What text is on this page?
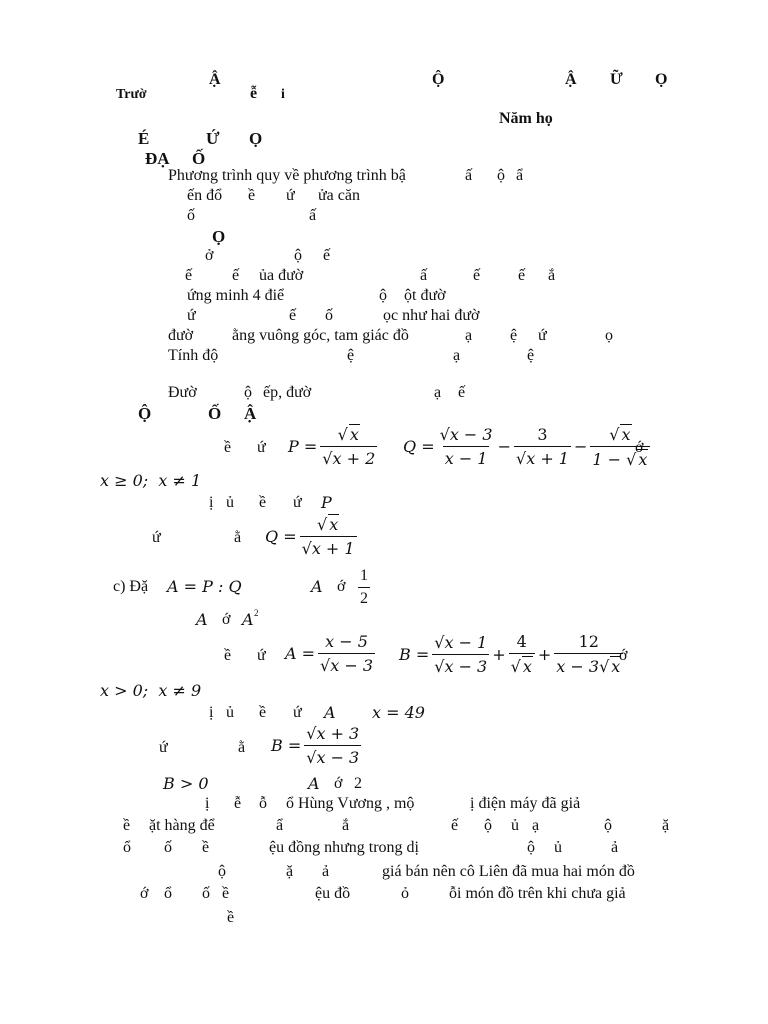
Ậ	Ộ	Ậ Ữ Ọ
Trườ	ễ i
Năm họ
É	Ứ Ọ
ĐẠ Ố
Phương trình quy về phương trình bậ	ấ ộ ẩ
ến đổ ề ứ ửa căn
ố	ấ
Ọ
ở	ộ ế
ế ế ủa đườ	ấ	ế ế ắ
ứng minh 4 điể	ộ ột đườ
ứ	ế ố	ọc như hai đườ
đườ ằng vuông góc, tam giác đồ	ạ ệ ứ	ọ
Tính độ	ệ	ạ	ệ
Đườ	ộ ếp, đườ	ạ ế
Ộ	Ố Ậ
ề ứ $P = \frac{√ x}{√x + 2}$ $Q = \frac{√x - 3}{x - 1} - \frac{3}{√x + 1} - \frac{√ x}{1 - √ x}$
ớ
x ≥ 0;  x ≠ 1
ị ủ ề ứ P
ứ	ằ $Q = \frac{√ x}{√x + 1}$
c) Đặ A = P : Q	A ớ $\frac{1}{2}$
A ớ A 2
ề ứ $A = \frac{x - 5}{√x - 3}$ $B = \frac{√x - 1}{√x - 3} + \frac{4}{√ x} + \frac{12}{x - 3√ x}$
ớ
x > 0;  x ≠ 9
ị ủ ề ứ A x = 49
ứ	ằ $B = \frac{√x + 3}{√x - 3}$
B > 0	A ớ 2
ị ễ ỗ ổ Hùng Vương , mộ	ị điện máy đã giả
ề ặt hàng để	ẩ	ắ	ế ộ ủ ạ	ộ	ặ
ổ ố ề	ệu đồng nhưng trong dị	ộ ủ	ả
ộ	ặ ả	giá bán nên cô Liên đã mua hai món đồ
ớ ổ ố ề	ệu đồ	ỏ	ỗi món đồ trên khi chưa giả
ề
